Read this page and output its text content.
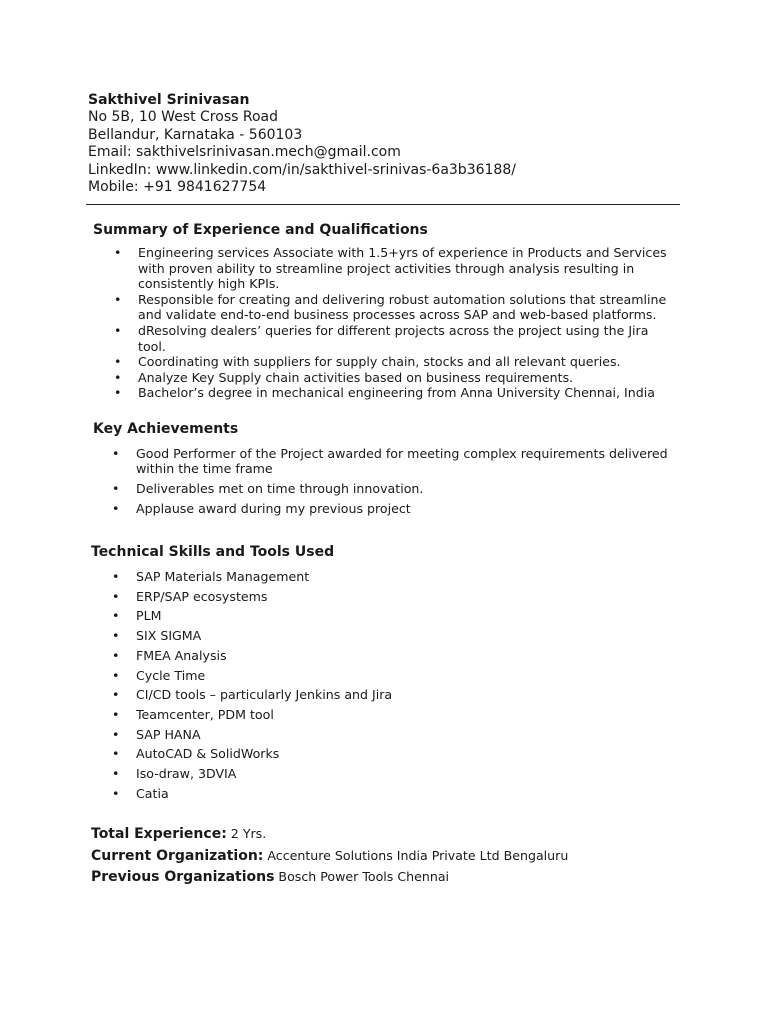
Sakthivel Srinivasan
No 5B, 10 West Cross Road
Bellandur, Karnataka - 560103
Email: sakthivelsrinivasan.mech@gmail.com
LinkedIn: www.linkedin.com/in/sakthivel-srinivas-6a3b36188/
Mobile: +91 9841627754
Summary of Experience and Qualifications
• Engineering services Associate with 1.5+yrs of experience in Products and Services with proven ability to streamline project activities through analysis resulting in consistently high KPIs.
• Responsible for creating and delivering robust automation solutions that streamline and validate end-to-end business processes across SAP and web-based platforms.
• dResolving dealers’ queries for different projects across the project using the Jira tool.
• Coordinating with suppliers for supply chain, stocks and all relevant queries.
• Analyze Key Supply chain activities based on business requirements.
• Bachelor’s degree in mechanical engineering from Anna University Chennai, India
Key Achievements
• Good Performer of the Project awarded for meeting complex requirements delivered within the time frame
• Deliverables met on time through innovation.
• Applause award during my previous project
Technical Skills and Tools Used
• SAP Materials Management
• ERP/SAP ecosystems
• PLM
• SIX SIGMA
• FMEA Analysis
• Cycle Time
• CI/CD tools – particularly Jenkins and Jira
• Teamcenter, PDM tool
• SAP HANA
• AutoCAD & SolidWorks
• Iso-draw, 3DVIA
• Catia
Total Experience: 2 Yrs.
Current Organization: Accenture Solutions India Private Ltd Bengaluru
Previous Organizations Bosch Power Tools Chennai
